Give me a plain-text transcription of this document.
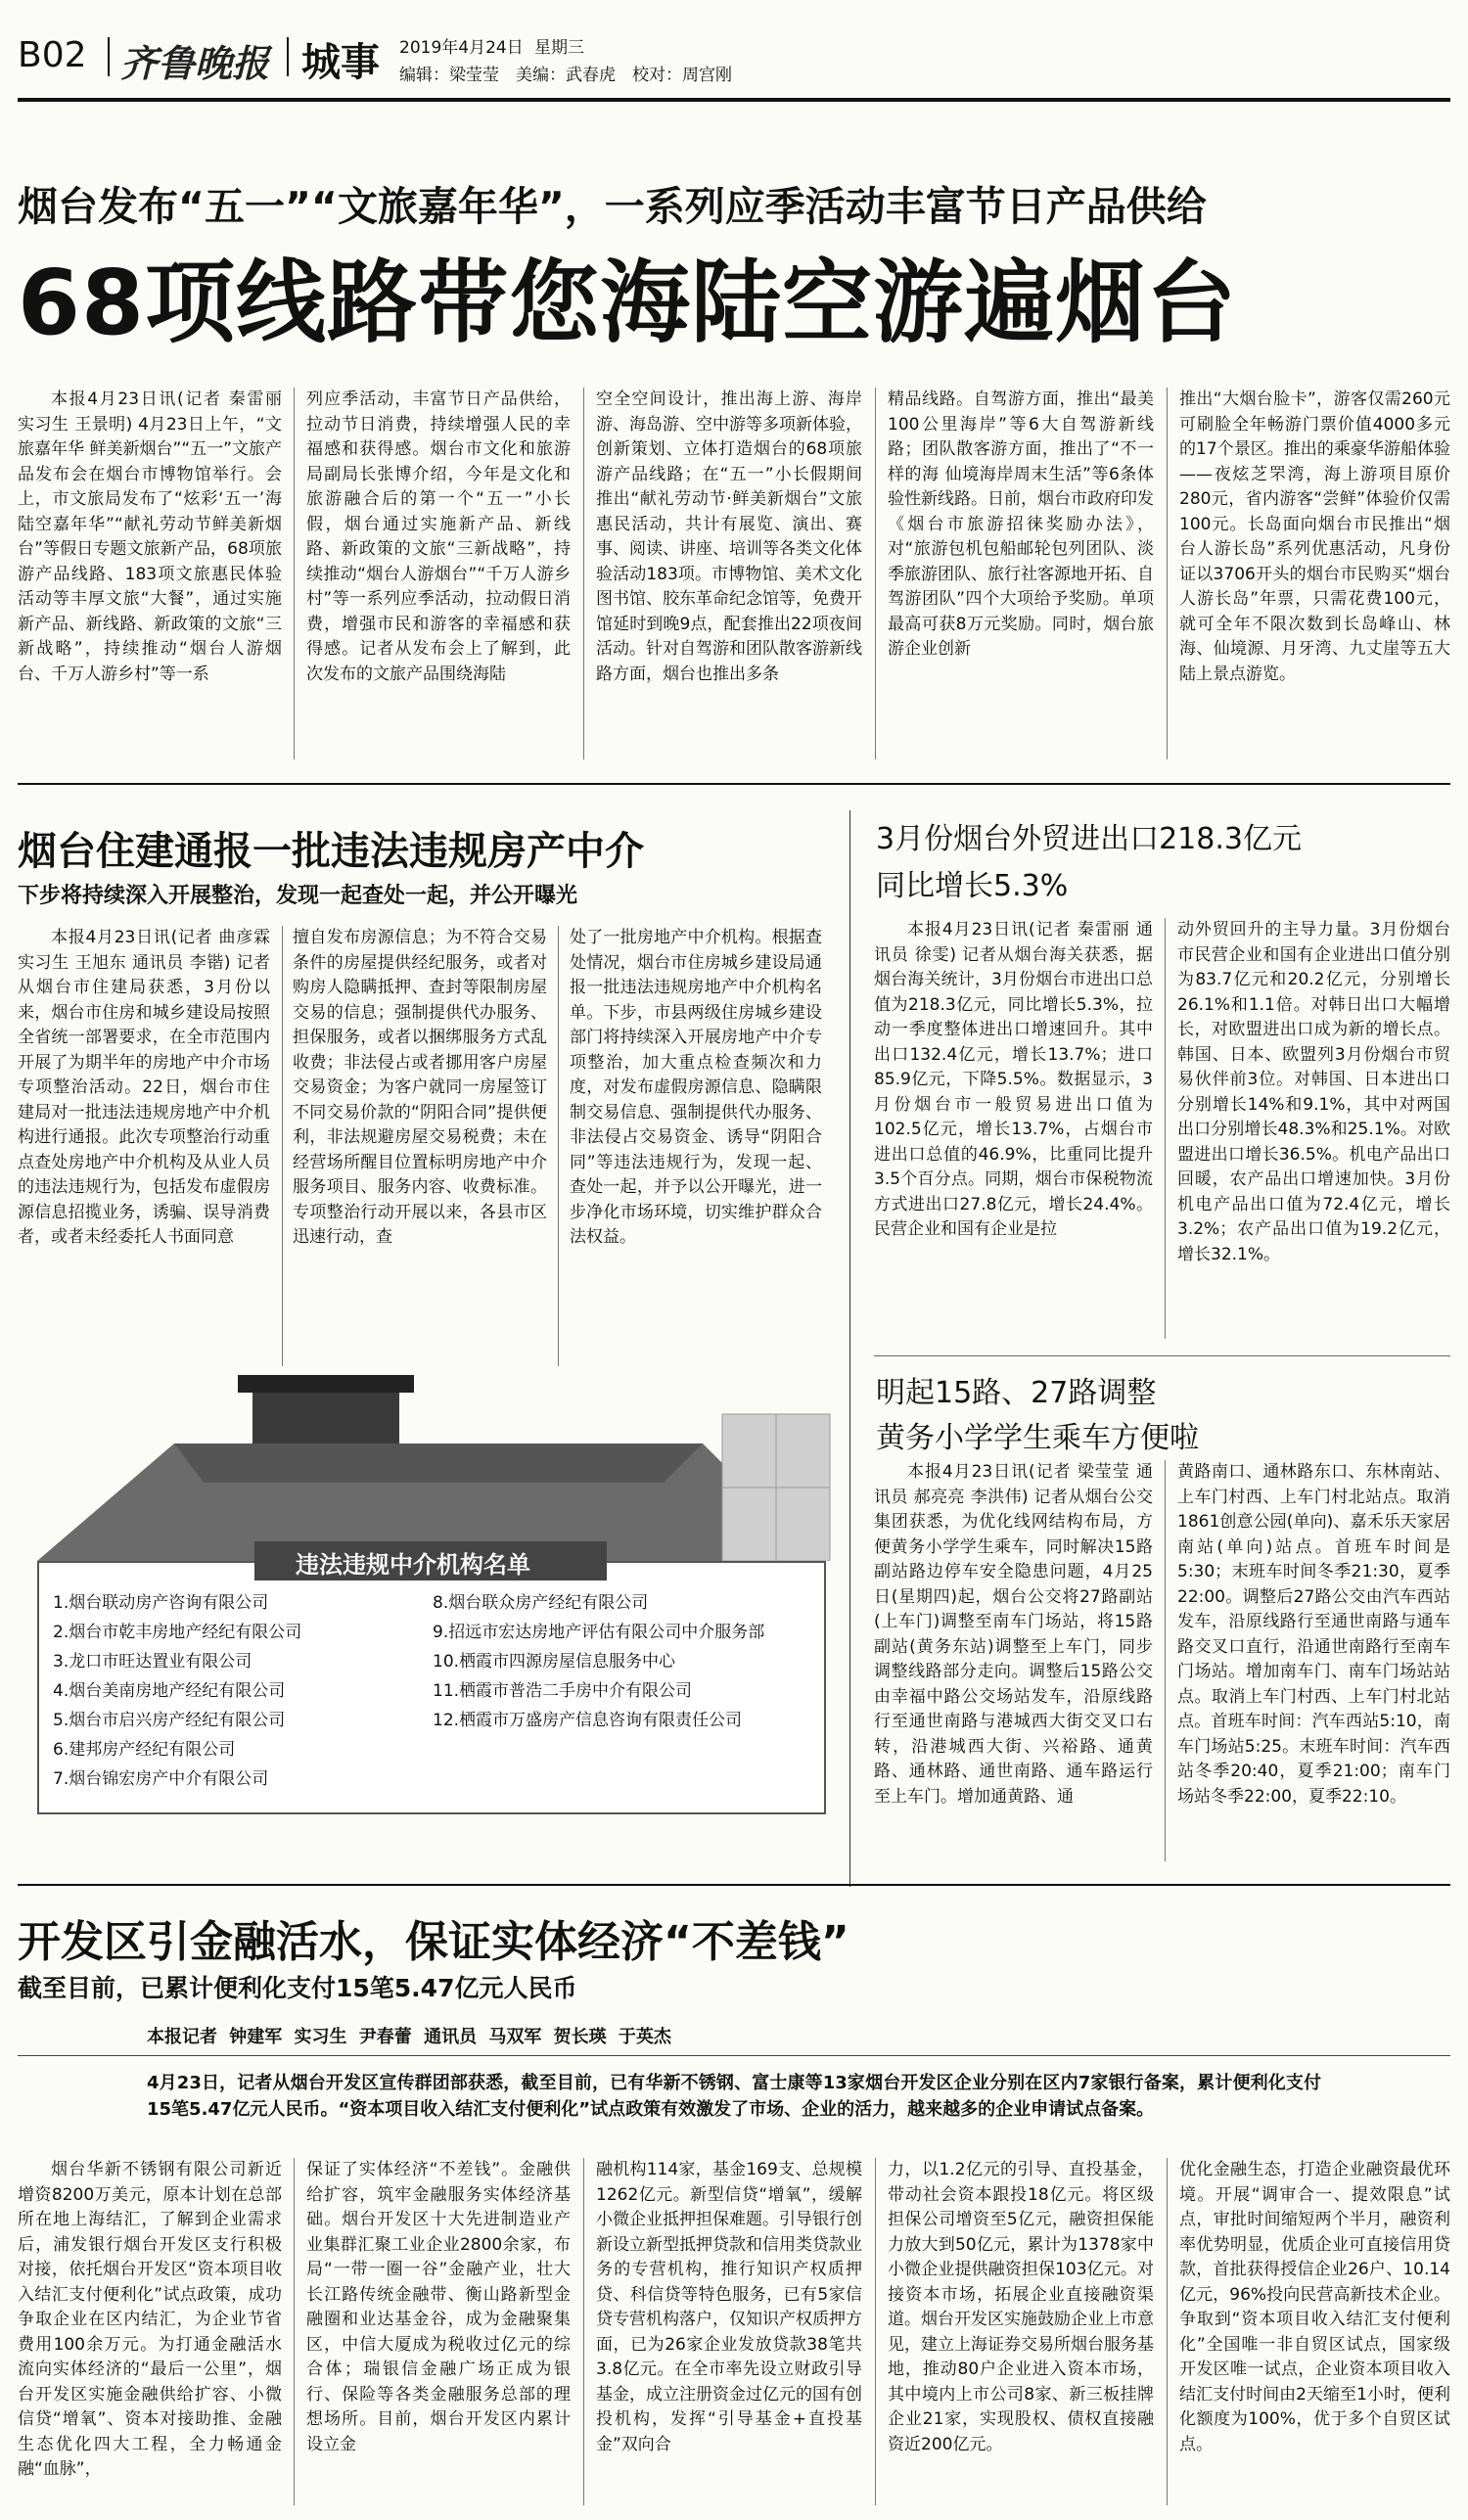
B02 齐鲁晚报 城事 2019年4月24日 星期三
编辑：梁莹莹　美编：武春虎　校对：周宫刚
烟台发布“五一”“文旅嘉年华”，一系列应季活动丰富节日产品供给
68项线路带您海陆空游遍烟台

本报4月23日讯(记者 秦雷丽 实习生 王景明) 4月23日上午，“文旅嘉年华 鲜美新烟台”“五一”文旅产品发布会在烟台市博物馆举行。会上，市文旅局发布了“炫彩‘五一’海陆空嘉年华”“献礼劳动节鲜美新烟台”等假日专题文旅新产品，68项旅游产品线路、183项文旅惠民体验活动等丰厚文旅“大餐”，通过实施新产品、新线路、新政策的文旅“三新战略”，持续推动“烟台人游烟台、千万人游乡村”等一系

列应季活动，丰富节日产品供给，拉动节日消费，持续增强人民的幸福感和获得感。烟台市文化和旅游局副局长张博介绍，今年是文化和旅游融合后的第一个“五一”小长假，烟台通过实施新产品、新线路、新政策的文旅“三新战略”，持续推动“烟台人游烟台”“千万人游乡村”等一系列应季活动，拉动假日消费，增强市民和游客的幸福感和获得感。记者从发布会上了解到，此次发布的文旅产品围绕海陆

空全空间设计，推出海上游、海岸游、海岛游、空中游等多项新体验，创新策划、立体打造烟台的68项旅游产品线路；在“五一”小长假期间推出“献礼劳动节·鲜美新烟台”文旅惠民活动，共计有展览、演出、赛事、阅读、讲座、培训等各类文化体验活动183项。市博物馆、美术文化图书馆、胶东革命纪念馆等，免费开馆延时到晚9点，配套推出22项夜间活动。针对自驾游和团队散客游新线路方面，烟台也推出多条

精品线路。自驾游方面，推出“最美100公里海岸”等6大自驾游新线路；团队散客游方面，推出了“不一样的海 仙境海岸周末生活”等6条体验性新线路。日前，烟台市政府印发《烟台市旅游招徕奖励办法》，对“旅游包机包船邮轮包列团队、淡季旅游团队、旅行社客源地开拓、自驾游团队”四个大项给予奖励。单项最高可获8万元奖励。同时，烟台旅游企业创新

推出“大烟台脸卡”，游客仅需260元可刷脸全年畅游门票价值4000多元的17个景区。推出的乘豪华游船体验——夜炫芝罘湾，海上游项目原价280元，省内游客“尝鲜”体验价仅需100元。长岛面向烟台市民推出“烟台人游长岛”系列优惠活动，凡身份证以3706开头的烟台市民购买“烟台人游长岛”年票，只需花费100元，就可全年不限次数到长岛峰山、林海、仙境源、月牙湾、九丈崖等五大陆上景点游览。

烟台住建通报一批违法违规房产中介
下步将持续深入开展整治，发现一起查处一起，并公开曝光

本报4月23日讯(记者 曲彦霖 实习生 王旭东 通讯员 李锴) 记者从烟台市住建局获悉，3月份以来，烟台市住房和城乡建设局按照全省统一部署要求，在全市范围内开展了为期半年的房地产中介市场专项整治活动。22日，烟台市住建局对一批违法违规房地产中介机构进行通报。此次专项整治行动重点查处房地产中介机构及从业人员的违法违规行为，包括发布虚假房源信息招揽业务，诱骗、误导消费者，或者未经委托人书面同意

擅自发布房源信息；为不符合交易条件的房屋提供经纪服务，或者对购房人隐瞒抵押、查封等限制房屋交易的信息；强制提供代办服务、担保服务，或者以捆绑服务方式乱收费；非法侵占或者挪用客户房屋交易资金；为客户就同一房屋签订不同交易价款的“阴阳合同”提供便利，非法规避房屋交易税费；未在经营场所醒目位置标明房地产中介服务项目、服务内容、收费标准。专项整治行动开展以来，各县市区迅速行动，查

处了一批房地产中介机构。根据查处情况，烟台市住房城乡建设局通报一批违法违规房地产中介机构名单。下步，市县两级住房城乡建设部门将持续深入开展房地产中介专项整治，加大重点检查频次和力度，对发布虚假房源信息、隐瞒限制交易信息、强制提供代办服务、非法侵占交易资金、诱导“阴阳合同”等违法违规行为，发现一起、查处一起，并予以公开曝光，进一步净化市场环境，切实维护群众合法权益。

违法违规中介机构名单
1.烟台联动房产咨询有限公司
2.烟台市乾丰房地产经纪有限公司
3.龙口市旺达置业有限公司
4.烟台美南房地产经纪有限公司
5.烟台市启兴房产经纪有限公司
6.建邦房产经纪有限公司
7.烟台锦宏房产中介有限公司
8.烟台联众房产经纪有限公司
9.招远市宏达房地产评估有限公司中介服务部
10.栖霞市四源房屋信息服务中心
11.栖霞市普浩二手房中介有限公司
12.栖霞市万盛房产信息咨询有限责任公司
3月份烟台外贸进出口218.3亿元
同比增长5.3%

本报4月23日讯(记者 秦雷丽 通讯员 徐雯) 记者从烟台海关获悉，据烟台海关统计，3月份烟台市进出口总值为218.3亿元，同比增长5.3%，拉动一季度整体进出口增速回升。其中出口132.4亿元，增长13.7%；进口85.9亿元，下降5.5%。数据显示，3月份烟台市一般贸易进出口值为102.5亿元，增长13.7%，占烟台市进出口总值的46.9%，比重同比提升3.5个百分点。同期，烟台市保税物流方式进出口27.8亿元，增长24.4%。民营企业和国有企业是拉

动外贸回升的主导力量。3月份烟台市民营企业和国有企业进出口值分别为83.7亿元和20.2亿元，分别增长26.1%和1.1倍。对韩日出口大幅增长，对欧盟进出口成为新的增长点。韩国、日本、欧盟列3月份烟台市贸易伙伴前3位。对韩国、日本进出口分别增长14%和9.1%，其中对两国出口分别增长48.3%和25.1%。对欧盟进出口增长36.5%。机电产品出口回暖，农产品出口增速加快。3月份机电产品出口值为72.4亿元，增长3.2%；农产品出口值为19.2亿元，增长32.1%。

明起15路、27路调整
黄务小学学生乘车方便啦

本报4月23日讯(记者 梁莹莹 通讯员 郝亮亮 李洪伟) 记者从烟台公交集团获悉，为优化线网结构布局，方便黄务小学学生乘车，同时解决15路副站路边停车安全隐患问题，4月25日(星期四)起，烟台公交将27路副站(上车门)调整至南车门场站，将15路副站(黄务东站)调整至上车门，同步调整线路部分走向。调整后15路公交由幸福中路公交场站发车，沿原线路行至通世南路与港城西大街交叉口右转，沿港城西大街、兴裕路、通黄路、通林路、通世南路、通车路运行至上车门。增加通黄路、通

黄路南口、通林路东口、东林南站、上车门村西、上车门村北站点。取消1861创意公园(单向)、嘉禾乐天家居南站(单向)站点。首班车时间是5:30；末班车时间冬季21:30，夏季22:00。调整后27路公交由汽车西站发车，沿原线路行至通世南路与通车路交叉口直行，沿通世南路行至南车门场站。增加南车门、南车门场站站点。取消上车门村西、上车门村北站点。首班车时间：汽车西站5:10，南车门场站5:25。末班车时间：汽车西站冬季20:40，夏季21:00；南车门场站冬季22:00，夏季22:10。

开发区引金融活水，保证实体经济“不差钱”
截至目前，已累计便利化支付15笔5.47亿元人民币
本报记者 钟建军 实习生 尹春蕾 通讯员 马双军 贺长瑛 于英杰
4月23日，记者从烟台开发区宣传群团部获悉，截至目前，已有华新不锈钢、富士康等13家烟台开发区企业分别在区内7家银行备案，累计便利化支付15笔5.47亿元人民币。“资本项目收入结汇支付便利化”试点政策有效激发了市场、企业的活力，越来越多的企业申请试点备案。

烟台华新不锈钢有限公司新近增资8200万美元，原本计划在总部所在地上海结汇，了解到企业需求后，浦发银行烟台开发区支行积极对接，依托烟台开发区“资本项目收入结汇支付便利化”试点政策，成功争取企业在区内结汇，为企业节省费用100余万元。为打通金融活水流向实体经济的“最后一公里”，烟台开发区实施金融供给扩容、小微信贷“增氧”、资本对接助推、金融生态优化四大工程，全力畅通金融“血脉”，

保证了实体经济“不差钱”。金融供给扩容，筑牢金融服务实体经济基础。烟台开发区十大先进制造业产业集群汇聚工业企业2800余家，布局“一带一圈一谷”金融产业，壮大长江路传统金融带、衡山路新型金融圈和业达基金谷，成为金融聚集区，中信大厦成为税收过亿元的综合体；瑞银信金融广场正成为银行、保险等各类金融服务总部的理想场所。目前，烟台开发区内累计设立金

融机构114家，基金169支、总规模1262亿元。新型信贷“增氧”，缓解小微企业抵押担保难题。引导银行创新设立新型抵押贷款和信用类贷款业务的专营机构，推行知识产权质押贷、科信贷等特色服务，已有5家信贷专营机构落户，仅知识产权质押方面，已为26家企业发放贷款38笔共3.8亿元。在全市率先设立财政引导基金，成立注册资金过亿元的国有创投机构，发挥“引导基金+直投基金”双向合

力，以1.2亿元的引导、直投基金，带动社会资本跟投18亿元。将区级担保公司增资至5亿元，融资担保能力放大到50亿元，累计为1378家中小微企业提供融资担保103亿元。对接资本市场，拓展企业直接融资渠道。烟台开发区实施鼓励企业上市意见，建立上海证券交易所烟台服务基地，推动80户企业进入资本市场，其中境内上市公司8家、新三板挂牌企业21家，实现股权、债权直接融资近200亿元。

优化金融生态，打造企业融资最优环境。开展“调审合一、提效限息”试点，审批时间缩短两个半月，融资利率优势明显，优质企业可直接信用贷款，首批获得授信企业26户、10.14亿元，96%投向民营高新技术企业。争取到“资本项目收入结汇支付便利化”全国唯一非自贸区试点，国家级开发区唯一试点，企业资本项目收入结汇支付时间由2天缩至1小时，便利化额度为100%，优于多个自贸区试点。
